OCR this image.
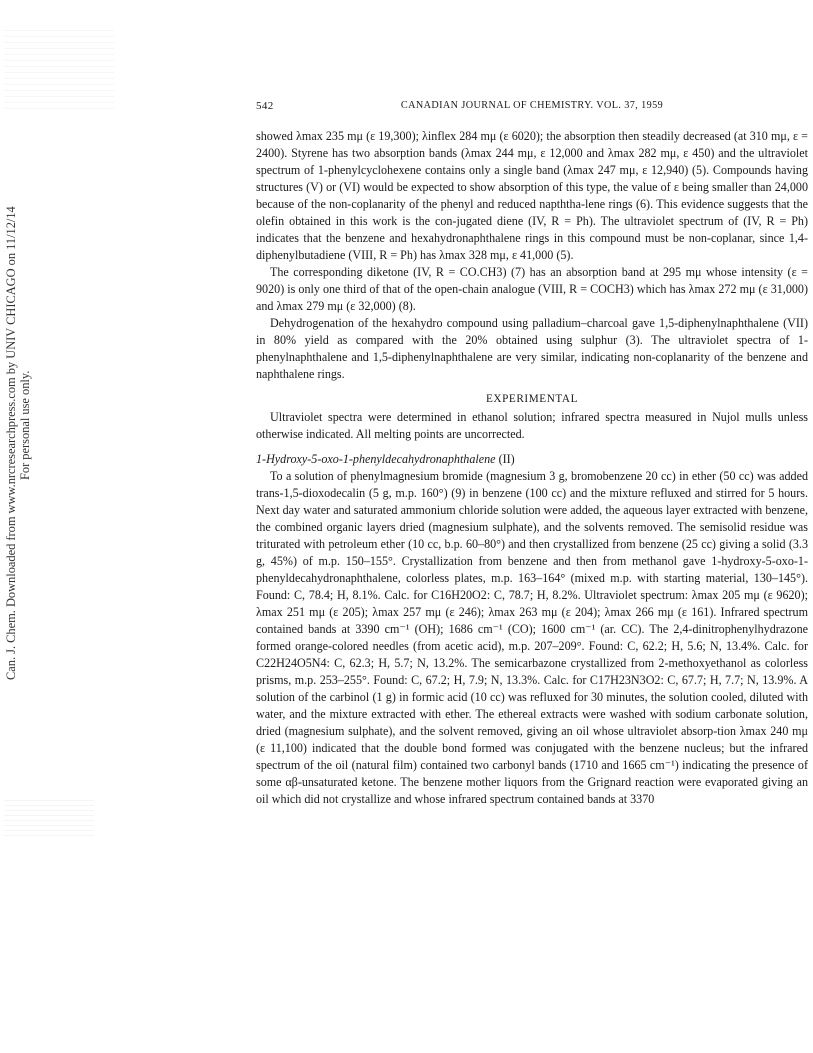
Can. J. Chem. Downloaded from www.nrcresearchpress.com by UNIV CHICAGO on 11/12/14 For personal use only.
542	CANADIAN JOURNAL OF CHEMISTRY. VOL. 37, 1959

showed λmax 235 mμ (ε 19,300); λinflex 284 mμ (ε 6020); the absorption then steadily decreased (at 310 mμ, ε = 2400). Styrene has two absorption bands (λmax 244 mμ, ε 12,000 and λmax 282 mμ, ε 450) and the ultraviolet spectrum of 1-phenylcyclohexene contains only a single band (λmax 247 mμ, ε 12,940) (5). Compounds having structures (V) or (VI) would be expected to show absorption of this type, the value of ε being smaller than 24,000 because of the non-coplanarity of the phenyl and reduced napththa-lene rings (6). This evidence suggests that the olefin obtained in this work is the con-jugated diene (IV, R = Ph). The ultraviolet spectrum of (IV, R = Ph) indicates that the benzene and hexahydronaphthalene rings in this compound must be non-coplanar, since 1,4-diphenylbutadiene (VIII, R = Ph) has λmax 328 mμ, ε 41,000 (5).

The corresponding diketone (IV, R = CO.CH3) (7) has an absorption band at 295 mμ whose intensity (ε = 9020) is only one third of that of the open-chain analogue (VIII, R = COCH3) which has λmax 272 mμ (ε 31,000) and λmax 279 mμ (ε 32,000) (8).

Dehydrogenation of the hexahydro compound using palladium–charcoal gave 1,5-diphenylnaphthalene (VII) in 80% yield as compared with the 20% obtained using sulphur (3). The ultraviolet spectra of 1-phenylnaphthalene and 1,5-diphenylnaphthalene are very similar, indicating non-coplanarity of the benzene and naphthalene rings.

EXPERIMENTAL

Ultraviolet spectra were determined in ethanol solution; infrared spectra measured in Nujol mulls unless otherwise indicated. All melting points are uncorrected.

1-Hydroxy-5-oxo-1-phenyldecahydronaphthalene (II)

To a solution of phenylmagnesium bromide (magnesium 3 g, bromobenzene 20 cc) in ether (50 cc) was added trans-1,5-dioxodecalin (5 g, m.p. 160°) (9) in benzene (100 cc) and the mixture refluxed and stirred for 5 hours. Next day water and saturated ammonium chloride solution were added, the aqueous layer extracted with benzene, the combined organic layers dried (magnesium sulphate), and the solvents removed. The semisolid residue was triturated with petroleum ether (10 cc, b.p. 60–80°) and then crystallized from benzene (25 cc) giving a solid (3.3 g, 45%) of m.p. 150–155°. Crystallization from benzene and then from methanol gave 1-hydroxy-5-oxo-1-phenyldecahydronaphthalene, colorless plates, m.p. 163–164° (mixed m.p. with starting material, 130–145°). Found: C, 78.4; H, 8.1%. Calc. for C16H20O2: C, 78.7; H, 8.2%. Ultraviolet spectrum: λmax 205 mμ (ε 9620); λmax 251 mμ (ε 205); λmax 257 mμ (ε 246); λmax 263 mμ (ε 204); λmax 266 mμ (ε 161). Infrared spectrum contained bands at 3390 cm⁻¹ (OH); 1686 cm⁻¹ (CO); 1600 cm⁻¹ (ar. CC). The 2,4-dinitrophenylhydrazone formed orange-colored needles (from acetic acid), m.p. 207–209°. Found: C, 62.2; H, 5.6; N, 13.4%. Calc. for C22H24O5N4: C, 62.3; H, 5.7; N, 13.2%. The semicarbazone crystallized from 2-methoxyethanol as colorless prisms, m.p. 253–255°. Found: C, 67.2; H, 7.9; N, 13.3%. Calc. for C17H23N3O2: C, 67.7; H, 7.7; N, 13.9%. A solution of the carbinol (1 g) in formic acid (10 cc) was refluxed for 30 minutes, the solution cooled, diluted with water, and the mixture extracted with ether. The ethereal extracts were washed with sodium carbonate solution, dried (magnesium sulphate), and the solvent removed, giving an oil whose ultraviolet absorp-tion λmax 240 mμ (ε 11,100) indicated that the double bond formed was conjugated with the benzene nucleus; but the infrared spectrum of the oil (natural film) contained two carbonyl bands (1710 and 1665 cm⁻¹) indicating the presence of some αβ-unsaturated ketone. The benzene mother liquors from the Grignard reaction were evaporated giving an oil which did not crystallize and whose infrared spectrum contained bands at 3370
